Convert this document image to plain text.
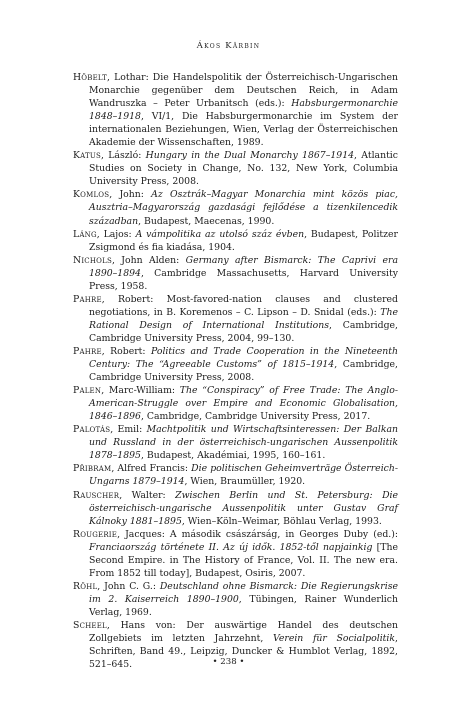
Ákos Kärbin

Höbelt, Lothar: Die Handelspolitik der Österreichisch-Ungarischen Monarchie gegenüber dem Deutschen Reich, in Adam Wandruszka – Peter Urbanitsch (eds.): Habsburgermonarchie 1848–1918, VI/1, Die Habsburgermonarchie im System der internationalen Beziehungen, Wien, Verlag der Österreichischen Akademie der Wissenschaften, 1989.

Katus, László: Hungary in the Dual Monarchy 1867–1914, Atlantic Studies on Society in Change, No. 132, New York, Columbia University Press, 2008.

Komlos, John: Az Osztrák–Magyar Monarchia mint közös piac, Ausztria–Magyarország gazdasági fejlődése a tizenkilencedik században, Budapest, Maecenas, 1990.

Láng, Lajos: A vámpolitika az utolsó száz évben, Budapest, Politzer Zsigmond és fia kiadása, 1904.

Nichols, John Alden: Germany after Bismarck: The Caprivi era 1890–1894, Cambridge Massachusetts, Harvard University Press, 1958.

Pahre, Robert: Most-favored-nation clauses and clustered negotiations, in B. Koremenos – C. Lipson – D. Snidal (eds.): The Rational Design of International Institutions, Cambridge, Cambridge University Press, 2004, 99–130.

Pahre, Robert: Politics and Trade Cooperation in the Nineteenth Century: The “Agreeable Customs” of 1815–1914, Cambridge, Cambridge University Press, 2008.

Palen, Marc-William: The “Conspiracy” of Free Trade: The Anglo-American-Struggle over Empire and Economic Globalisation, 1846–1896, Cambridge, Cambridge University Press, 2017.

Palotás, Emil: Machtpolitik und Wirtschaftsinteressen: Der Balkan und Russland in der österreichisch-ungarischen Aussenpolitik 1878–1895, Budapest, Akadémiai, 1995, 160–161.

Přibram, Alfred Francis: Die politischen Geheimverträge Österreich-Ungarns 1879–1914, Wien, Braumüller, 1920.

Rauscher, Walter: Zwischen Berlin und St. Petersburg: Die österreichisch-ungarische Aussenpolitik unter Gustav Graf Kálnoky 1881–1895, Wien–Köln–Weimar, Böhlau Verlag, 1993.

Rougerie, Jacques: A második császárság, in Georges Duby (ed.): Franciaország története II. Az új idők. 1852-től napjainkig [The Second Empire. in The History of France, Vol. II. The new era. From 1852 till today], Budapest, Osiris, 2007.

Röhl, John C. G.: Deutschland ohne Bismarck: Die Regierungskrise im 2. Kaiserreich 1890–1900, Tübingen, Rainer Wunderlich Verlag, 1969.

Scheel, Hans von: Der auswärtige Handel des deutschen Zollgebiets im letzten Jahrzehnt, Verein für Socialpolitik, Schriften, Band 49., Leipzig, Duncker & Humblot Verlag, 1892, 521–645.	• 238 •
